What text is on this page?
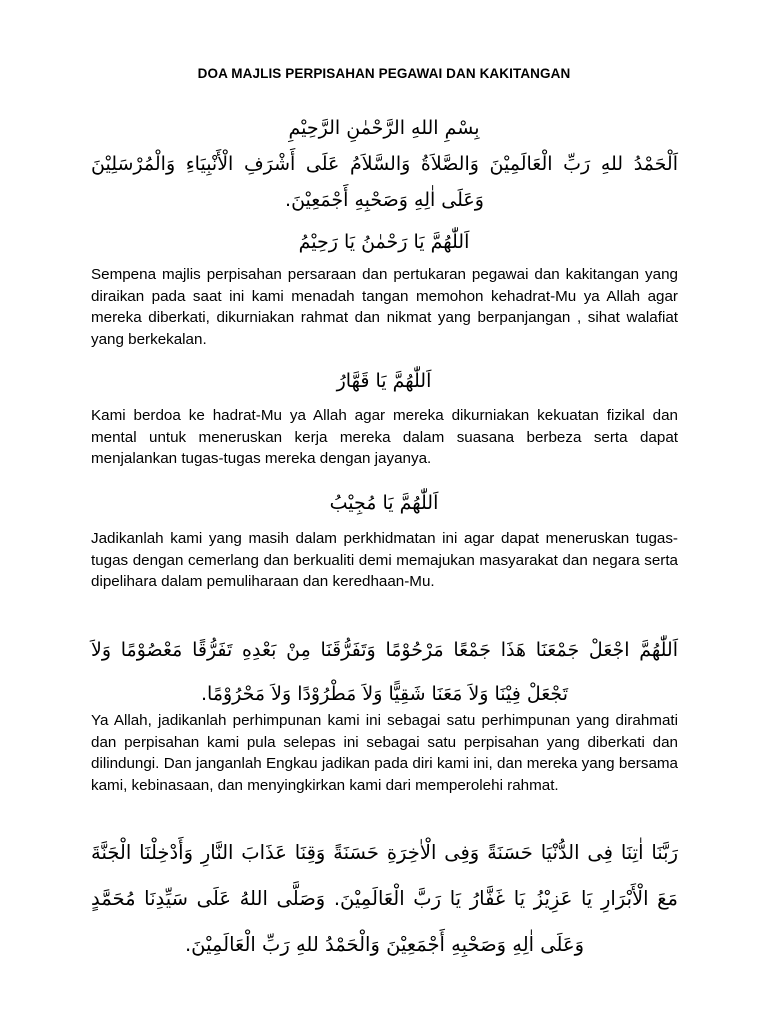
DOA MAJLIS PERPISAHAN PEGAWAI DAN KAKITANGAN
بِسْمِ اللهِ الرَّحْمٰنِ الرَّحِيْمِ
اَلْحَمْدُ للهِ رَبِّ الْعَالَمِيْنَ وَالصَّلاَةُ وَالسَّلاَمُ عَلَى أَشْرَفِ الْأَنْبِيَاءِ وَالْمُرْسَلِيْنَ وَعَلَى اٰلِهِ وَصَحْبِهِ أَجْمَعِيْنَ.
اَللّٰهُمَّ يَا رَحْمٰنُ يَا رَحِيْمُ
Sempena majlis perpisahan persaraan dan pertukaran pegawai dan kakitangan yang diraikan pada saat ini kami menadah tangan memohon kehadrat-Mu ya Allah agar mereka diberkati, dikurniakan rahmat dan nikmat yang berpanjangan , sihat walafiat yang berkekalan.
اَللّٰهُمَّ يَا قَهَّارُ
Kami berdoa ke hadrat-Mu ya Allah agar mereka dikurniakan kekuatan fizikal dan mental untuk meneruskan kerja mereka dalam suasana berbeza serta dapat menjalankan tugas-tugas mereka dengan jayanya.
اَللّٰهُمَّ يَا مُجِيْبُ
Jadikanlah kami yang masih dalam perkhidmatan ini agar dapat meneruskan tugas-tugas dengan cemerlang dan berkualiti demi memajukan masyarakat dan negara serta dipelihara dalam pemuliharaan dan keredhaan-Mu.
اَللّٰهُمَّ اجْعَلْ جَمْعَنَا هَذَا جَمْعًا مَرْحُوْمًا وَتَفَرُّقَنَا مِنْ بَعْدِهِ تَفَرُّقًا مَعْصُوْمًا وَلاَ تَجْعَلْ فِيْنَا وَلاَ مَعَنَا شَقِيًّا وَلاَ مَطْرُوْدًا وَلاَ مَحْرُوْمًا.
Ya Allah, jadikanlah perhimpunan kami ini sebagai satu perhimpunan yang dirahmati dan perpisahan kami pula selepas ini sebagai satu perpisahan yang diberkati dan dilindungi. Dan janganlah Engkau jadikan pada diri kami ini, dan mereka yang bersama kami, kebinasaan, dan menyingkirkan kami dari memperolehi rahmat.
رَبَّنَا اٰتِنَا فِى الدُّنْيَا حَسَنَةً وَفِى الْاٰخِرَةِ حَسَنَةً وَقِنَا عَذَابَ النَّارِ وَأَدْخِلْنَا الْجَنَّةَ مَعَ الْأَبْرَارِ يَا عَزِيْزُ يَا غَفَّارُ يَا رَبَّ الْعَالَمِيْنَ. وَصَلَّى اللهُ عَلَى سَيِّدِنَا مُحَمَّدٍ وَعَلَى اٰلِهِ وَصَحْبِهِ أَجْمَعِيْنَ وَالْحَمْدُ للهِ رَبِّ الْعَالَمِيْنَ.
